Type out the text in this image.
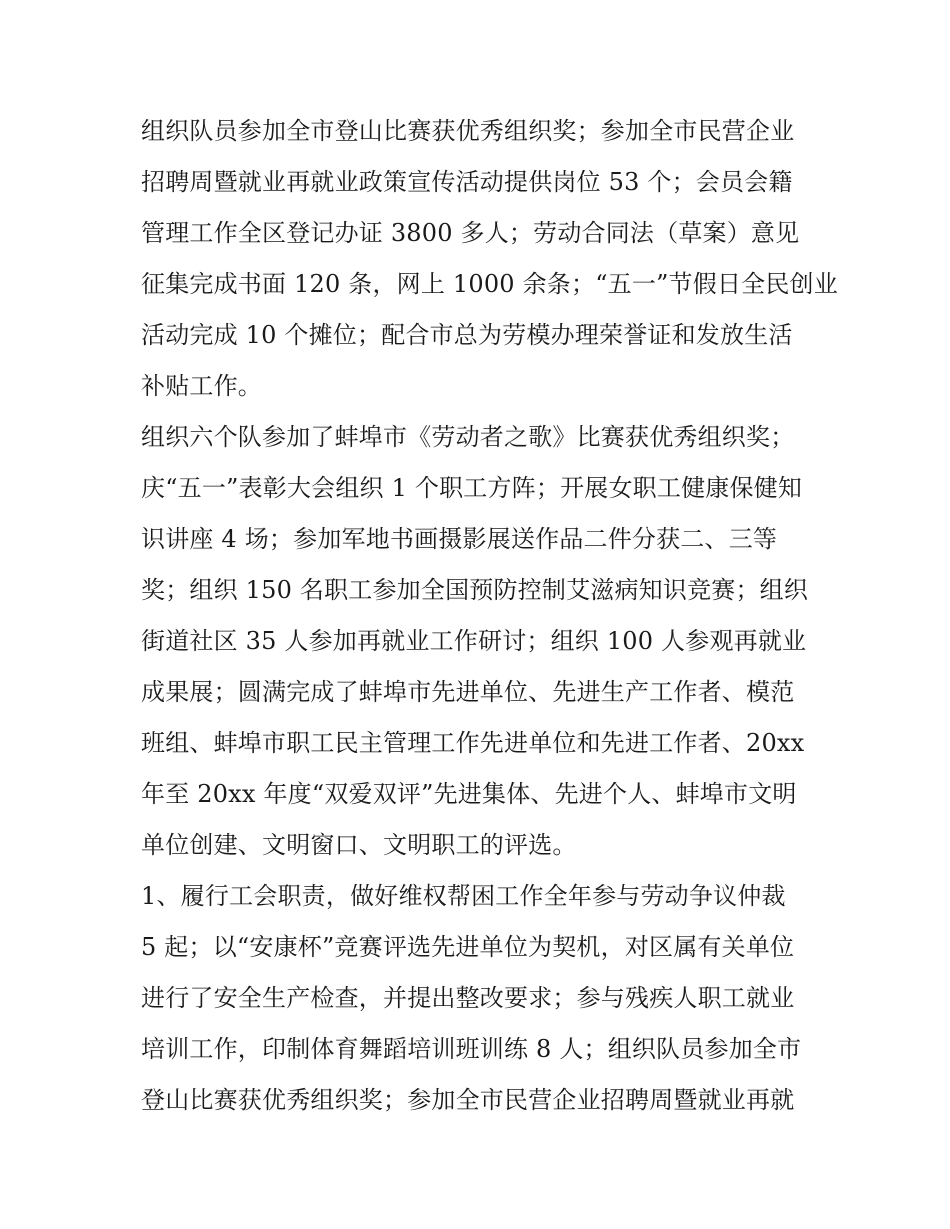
组织队员参加全市登山比赛获优秀组织奖；参加全市民营企业
招聘周暨就业再就业政策宣传活动提供岗位 53 个；会员会籍
管理工作全区登记办证 3800 多人；劳动合同法（草案）意见
征集完成书面 120 条，网上 1000 余条；“五一”节假日全民创业
活动完成 10 个摊位；配合市总为劳模办理荣誉证和发放生活
补贴工作。
组织六个队参加了蚌埠市《劳动者之歌》比赛获优秀组织奖；
庆“五一”表彰大会组织 1 个职工方阵；开展女职工健康保健知
识讲座 4 场；参加军地书画摄影展送作品二件分获二、三等
奖；组织 150 名职工参加全国预防控制艾滋病知识竞赛；组织
街道社区 35 人参加再就业工作研讨；组织 100 人参观再就业
成果展；圆满完成了蚌埠市先进单位、先进生产工作者、模范
班组、蚌埠市职工民主管理工作先进单位和先进工作者、20xx
年至 20xx 年度“双爱双评”先进集体、先进个人、蚌埠市文明
单位创建、文明窗口、文明职工的评选。
1、履行工会职责，做好维权帮困工作全年参与劳动争议仲裁
5 起；以“安康杯”竞赛评选先进单位为契机，对区属有关单位
进行了安全生产检查，并提出整改要求；参与残疾人职工就业
培训工作，印制体育舞蹈培训班训练 8 人；组织队员参加全市
登山比赛获优秀组织奖；参加全市民营企业招聘周暨就业再就
